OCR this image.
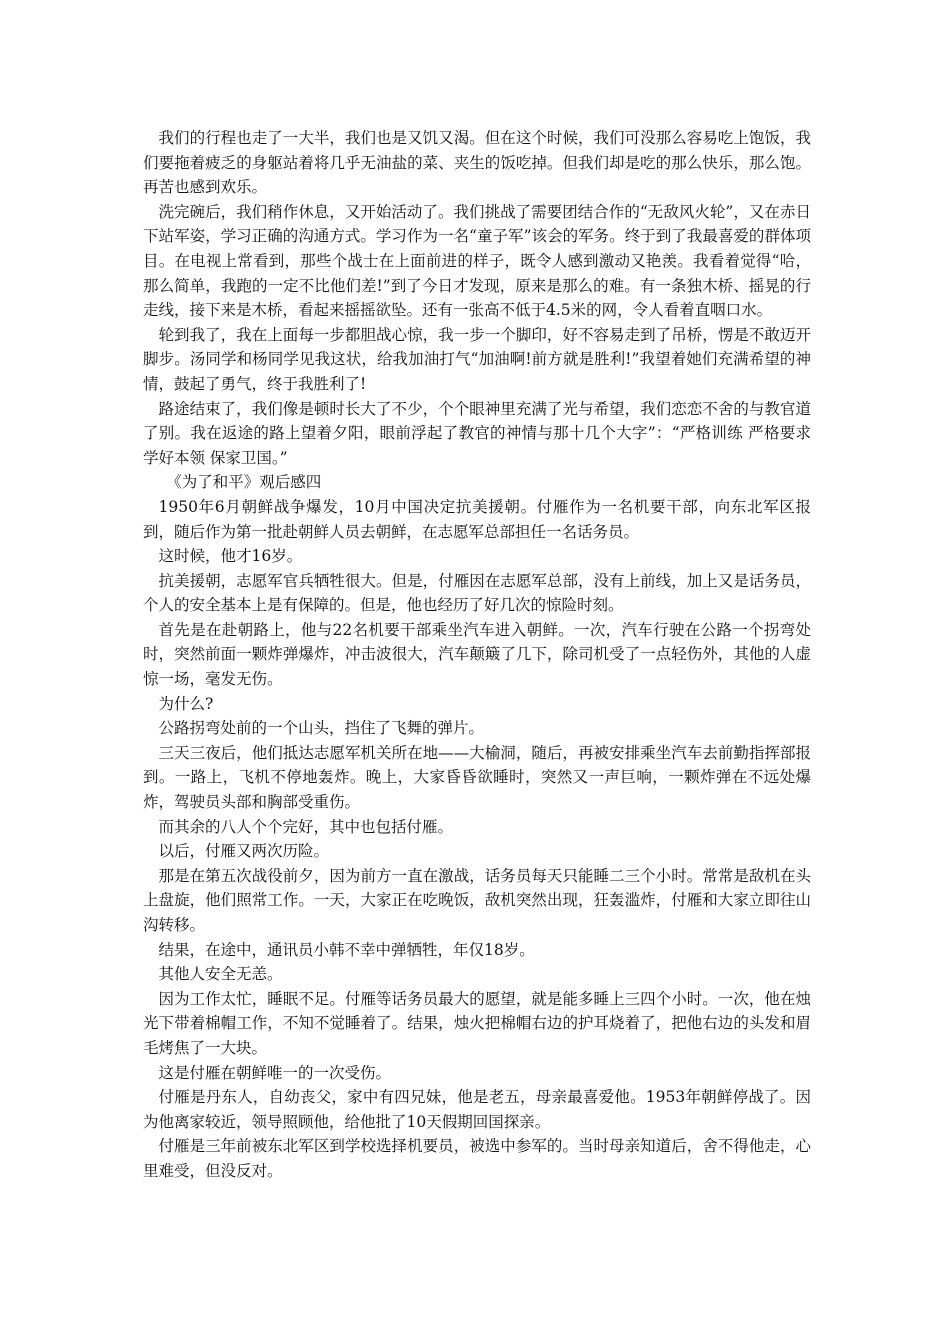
我们的行程也走了一大半，我们也是又饥又渴。但在这个时候，我们可没那么容易吃上饱饭，我们要拖着疲乏的身躯站着将几乎无油盐的菜、夹生的饭吃掉。但我们却是吃的那么快乐，那么饱。再苦也感到欢乐。

洗完碗后，我们稍作休息，又开始活动了。我们挑战了需要团结合作的“无敌风火轮”，又在赤日下站军姿，学习正确的沟通方式。学习作为一名“童子军”该会的军务。终于到了我最喜爱的群体项目。在电视上常看到，那些个战士在上面前进的样子，既令人感到激动又艳羡。我看着觉得“哈，那么简单，我跑的一定不比他们差!”到了今日才发现，原来是那么的难。有一条独木桥、摇晃的行走线，接下来是木桥，看起来摇摇欲坠。还有一张高不低于4.5米的网，令人看着直咽口水。

轮到我了，我在上面每一步都胆战心惊，我一步一个脚印，好不容易走到了吊桥，愣是不敢迈开脚步。汤同学和杨同学见我这状，给我加油打气“加油啊!前方就是胜利!”我望着她们充满希望的神情，鼓起了勇气，终于我胜利了!

路途结束了，我们像是顿时长大了不少，个个眼神里充满了光与希望，我们恋恋不舍的与教官道了别。我在返途的路上望着夕阳，眼前浮起了教官的神情与那十几个大字”：“严格训练 严格要求 学好本领 保家卫国。”

《为了和平》观后感四

1950年6月朝鲜战争爆发，10月中国决定抗美援朝。付雁作为一名机要干部，向东北军区报到，随后作为第一批赴朝鲜人员去朝鲜，在志愿军总部担任一名话务员。

这时候，他才16岁。

抗美援朝，志愿军官兵牺牲很大。但是，付雁因在志愿军总部，没有上前线，加上又是话务员，个人的安全基本上是有保障的。但是，他也经历了好几次的惊险时刻。

首先是在赴朝路上，他与22名机要干部乘坐汽车进入朝鲜。一次，汽车行驶在公路一个拐弯处时，突然前面一颗炸弹爆炸，冲击波很大，汽车颠簸了几下，除司机受了一点轻伤外，其他的人虚惊一场，毫发无伤。

为什么?

公路拐弯处前的一个山头，挡住了飞舞的弹片。

三天三夜后，他们抵达志愿军机关所在地——大榆洞，随后，再被安排乘坐汽车去前勤指挥部报到。一路上，飞机不停地轰炸。晚上，大家昏昏欲睡时，突然又一声巨响，一颗炸弹在不远处爆炸，驾驶员头部和胸部受重伤。

而其余的八人个个完好，其中也包括付雁。

以后，付雁又两次历险。

那是在第五次战役前夕，因为前方一直在激战，话务员每天只能睡二三个小时。常常是敌机在头上盘旋，他们照常工作。一天，大家正在吃晚饭，敌机突然出现，狂轰滥炸，付雁和大家立即往山沟转移。

结果，在途中，通讯员小韩不幸中弹牺牲，年仅18岁。

其他人安全无恙。

因为工作太忙，睡眠不足。付雁等话务员最大的愿望，就是能多睡上三四个小时。一次，他在烛光下带着棉帽工作，不知不觉睡着了。结果，烛火把棉帽右边的护耳烧着了，把他右边的头发和眉毛烤焦了一大块。

这是付雁在朝鲜唯一的一次受伤。

付雁是丹东人，自幼丧父，家中有四兄妹，他是老五，母亲最喜爱他。1953年朝鲜停战了。因为他离家较近，领导照顾他，给他批了10天假期回国探亲。

付雁是三年前被东北军区到学校选择机要员，被选中参军的。当时母亲知道后，舍不得他走，心里难受，但没反对。
